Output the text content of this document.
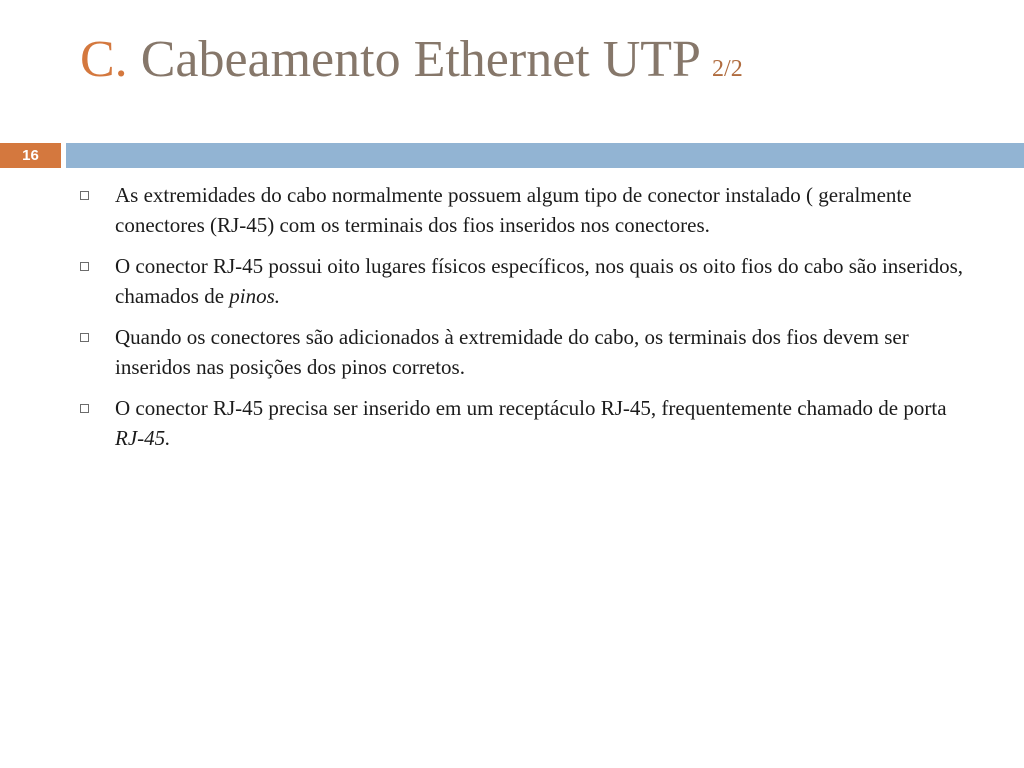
C. Cabeamento Ethernet UTP 2/2
16
As extremidades do cabo normalmente possuem algum tipo de conector instalado ( geralmente conectores (RJ-45) com os terminais dos fios inseridos nos conectores.
O conector RJ-45 possui oito lugares físicos específicos, nos quais os oito fios do cabo são inseridos, chamados de pinos.
Quando os conectores são adicionados à extremidade do cabo, os terminais dos fios devem ser inseridos nas posições dos pinos corretos.
O conector RJ-45 precisa ser inserido em um receptáculo RJ-45, frequentemente chamado de porta RJ-45.
